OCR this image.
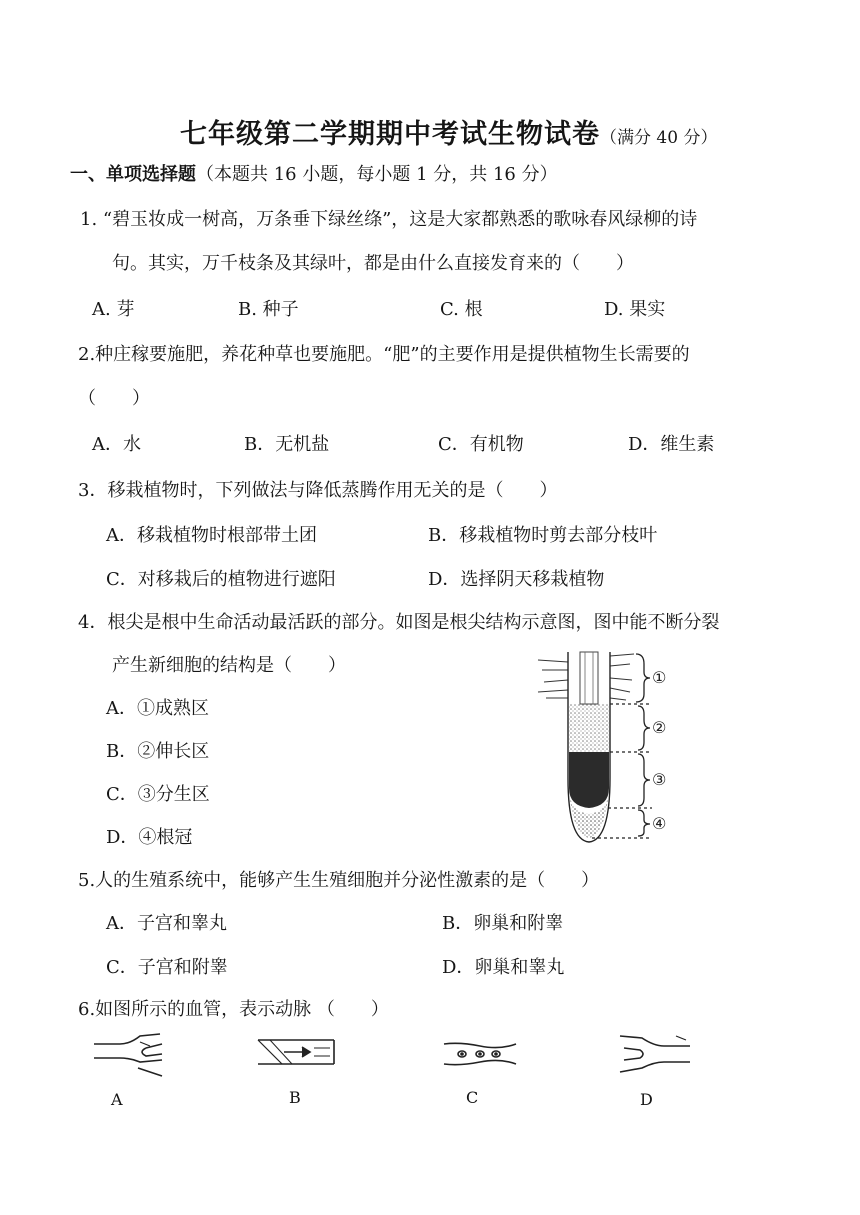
七年级第二学期期中考试生物试卷（满分 40 分）
一、单项选择题（本题共 16 小题，每小题 1 分，共 16 分）
1. “碧玉妆成一树高，万条垂下绿丝绦”，这是大家都熟悉的歌咏春风绿柳的诗
句。其实，万千枝条及其绿叶，都是由什么直接发育来的（　　）
A. 芽	B. 种子	C. 根	D. 果实
2.种庄稼要施肥，养花种草也要施肥。“肥”的主要作用是提供植物生长需要的
（　　）
A．水	B．无机盐	C．有机物	D．维生素
3．移栽植物时，下列做法与降低蒸腾作用无关的是（　　）
A．移栽植物时根部带土团	B．移栽植物时剪去部分枝叶
C．对移栽后的植物进行遮阳	D．选择阴天移栽植物
4．根尖是根中生命活动最活跃的部分。如图是根尖结构示意图，图中能不断分裂
产生新细胞的结构是（　　）
A．①成熟区
B．②伸长区
C．③分生区
D．④根冠
①
②
③
④
5.人的生殖系统中，能够产生生殖细胞并分泌性激素的是（　　）
A．子宫和睾丸	B．卵巢和附睾
C．子宫和附睾	D．卵巢和睾丸
6.如图所示的血管，表示动脉 （　　）
A	B	C	D
